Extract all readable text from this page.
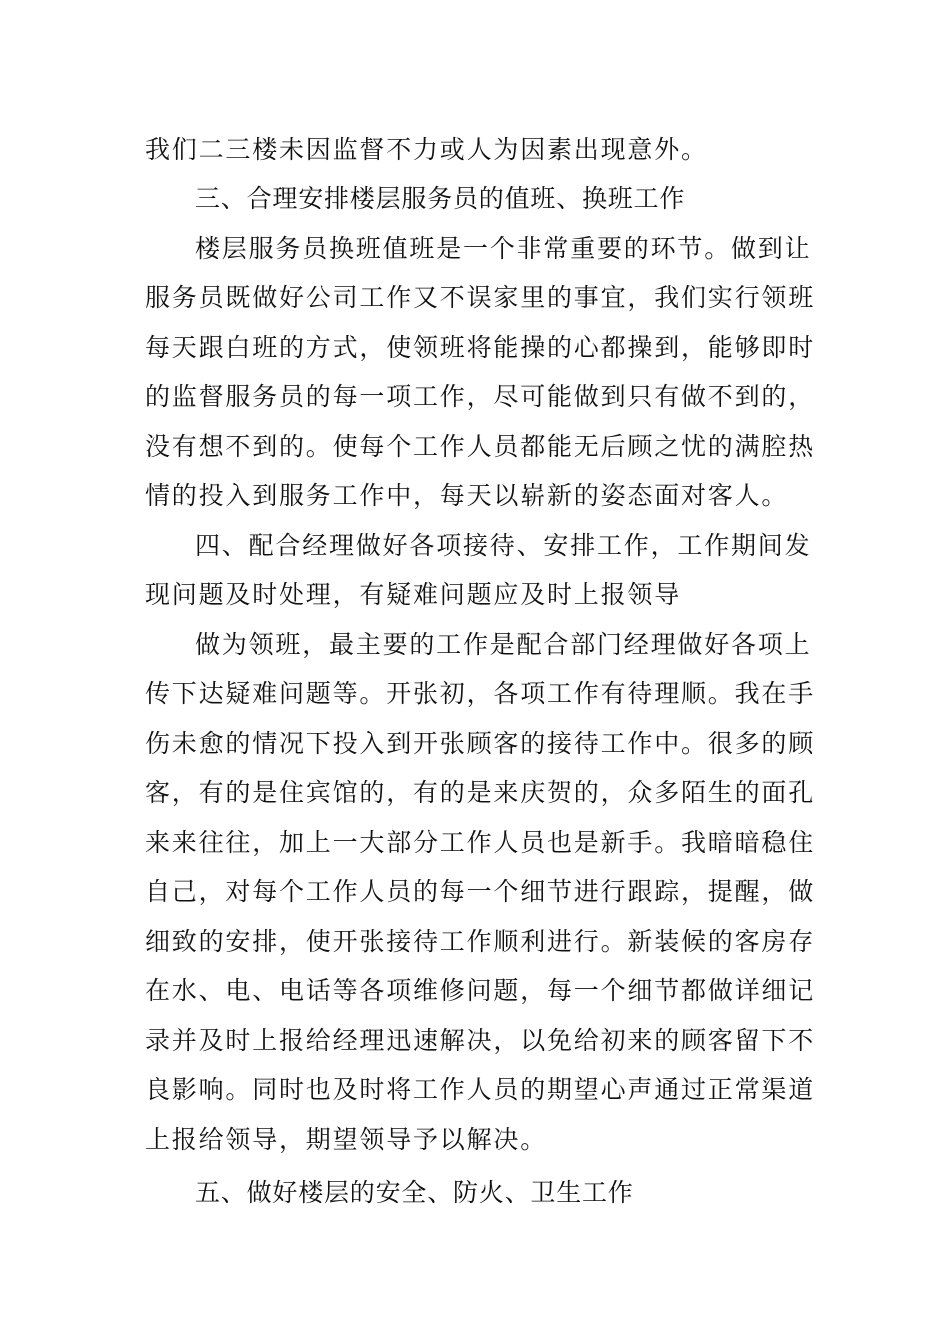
我们二三楼未因监督不力或人为因素出现意外。
三、合理安排楼层服务员的值班、换班工作
楼层服务员换班值班是一个非常重要的环节。做到让
服务员既做好公司工作又不误家里的事宜，我们实行领班
每天跟白班的方式，使领班将能操的心都操到，能够即时
的监督服务员的每一项工作，尽可能做到只有做不到的，
没有想不到的。使每个工作人员都能无后顾之忧的满腔热
情的投入到服务工作中，每天以崭新的姿态面对客人。
四、配合经理做好各项接待、安排工作，工作期间发
现问题及时处理，有疑难问题应及时上报领导
做为领班，最主要的工作是配合部门经理做好各项上
传下达疑难问题等。开张初，各项工作有待理顺。我在手
伤未愈的情况下投入到开张顾客的接待工作中。很多的顾
客，有的是住宾馆的，有的是来庆贺的，众多陌生的面孔
来来往往，加上一大部分工作人员也是新手。我暗暗稳住
自己，对每个工作人员的每一个细节进行跟踪，提醒，做
细致的安排，使开张接待工作顺利进行。新装候的客房存
在水、电、电话等各项维修问题，每一个细节都做详细记
录并及时上报给经理迅速解决，以免给初来的顾客留下不
良影响。同时也及时将工作人员的期望心声通过正常渠道
上报给领导，期望领导予以解决。
五、做好楼层的安全、防火、卫生工作
